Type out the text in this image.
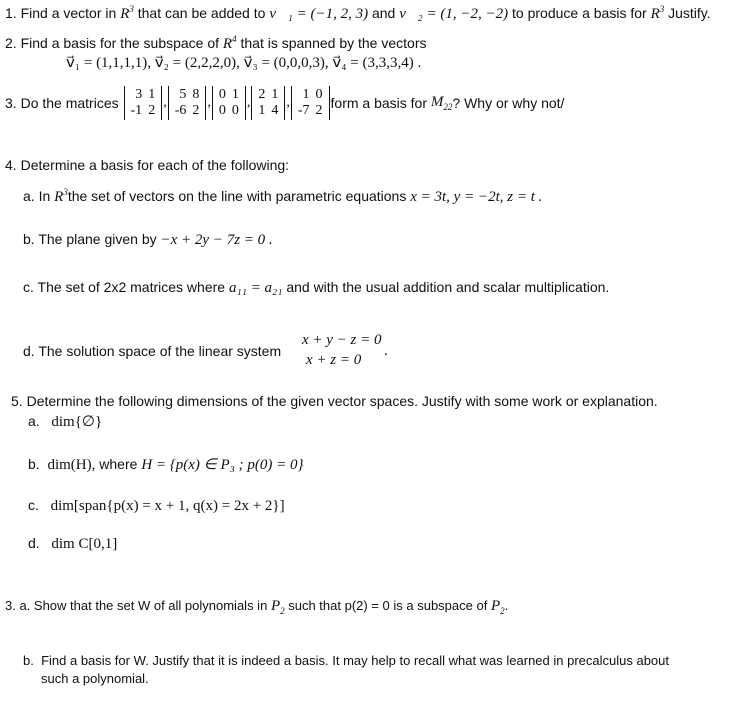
1. Find a vector in $R^3$ that can be added to v⃗₁ = (−1, 2, 3) and v⃗₂ = (1, −2, −2) to produce a basis for $R^3$ Justify.
2. Find a basis for the subspace of $R^4$ that is spanned by the vectors
v⃗₁ = (1,1,1,1), v⃗₂ = (2,2,2,0), v⃗₃ = (0,0,0,3), v⃗₄ = (3,3,3,4) .
3.
Do the matrices

3	1
-1	2
,
5	8
-6	2
,
0	1
0	0
,
2	1
1	4
,
1	0
-7	2 form a basis for
$M_{22}$ ? Why or why not/
4. Determine a basis for each of the following:
a. In $R^3the$ set of vectors on the line with parametric equations x = 3t, y = −2t, z = t .
b. The plane given by −x + 2y − 7z = 0 .
c. The set of 2x2 matrices where a₁₁ = a₂₁ and with the usual addition and scalar multiplication.
d. The solution space of the linear system
x + y − z = 0
x + z = 0
.
5. Determine the following dimensions of the given vector spaces. Justify with some work or explanation.
a. dim{∅}
b. dim(H), where H = {p(x) ∈ P₃ ; p(0) = 0}
c. dim[span{p(x) = x + 1, q(x) = 2x + 2}]
d. dim C[0,1]
3. a. Show that the set W of all polynomials in $P_2$ such that p(2) = 0 is a subspace of $P_2$.
b. Find a basis for W. Justify that it is indeed a basis. It may help to recall what was learned in precalculus about
such a polynomial.
